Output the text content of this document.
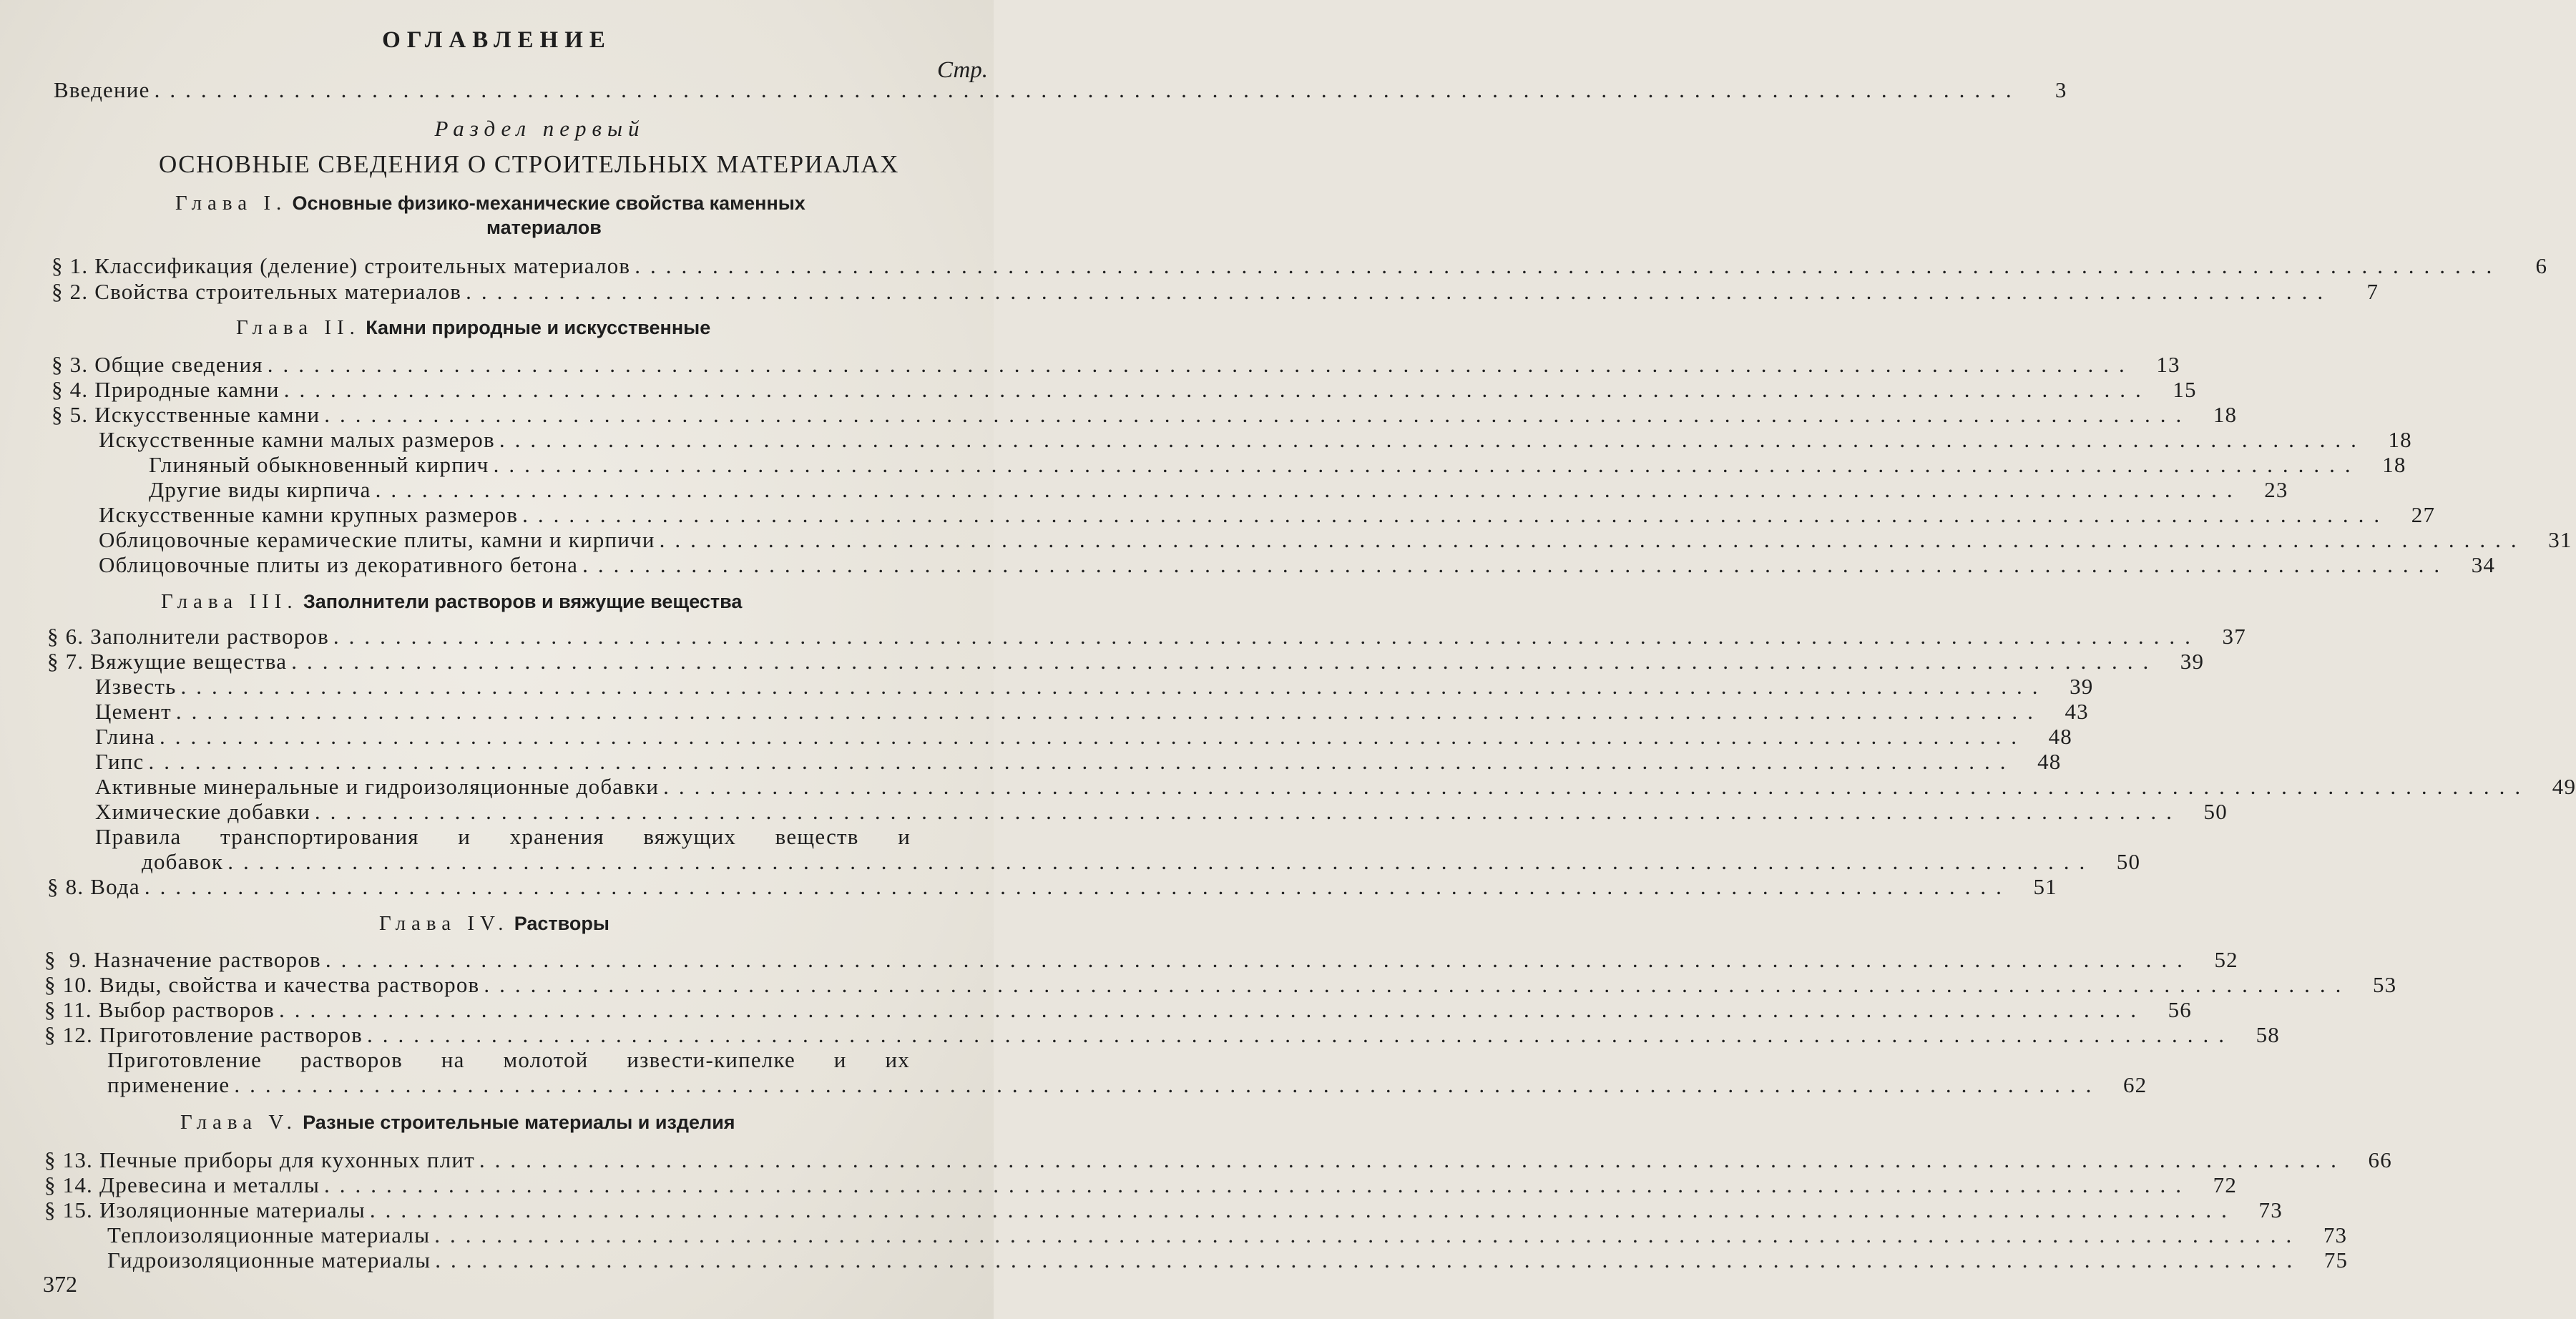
ОГЛАВЛЕНИЕ
Стр.
Введение ........................................................................................................................	3
Раздел первый
ОСНОВНЫЕ СВЕДЕНИЯ О СТРОИТЕЛЬНЫХ МАТЕРИАЛАХ
Глава I. Основные физико-механические свойства каменных
материалов
§ 1. Классификация (деление) строительных материалов ........................................................................................................................	6
§ 2. Свойства строительных материалов ........................................................................................................................	7
Глава II. Камни природные и искусственные
§ 3. Общие сведения ........................................................................................................................ 13
§ 4. Природные камни ........................................................................................................................ 15
§ 5. Искусственные камни ........................................................................................................................ 18
Искусственные камни малых размеров ........................................................................................................................ 18
Глиняный обыкновенный кирпич ........................................................................................................................ 18
Другие виды кирпича ........................................................................................................................ 23
Искусственные камни крупных размеров ........................................................................................................................ 27
Облицовочные керамические плиты, камни и кирпичи ........................................................................................................................ 31
Облицовочные плиты из декоративного бетона ........................................................................................................................ 34
Глава III. Заполнители растворов и вяжущие вещества
§ 6. Заполнители растворов ........................................................................................................................ 37
§ 7. Вяжущие вещества ........................................................................................................................ 39
Известь ........................................................................................................................ 39
Цемент ........................................................................................................................ 43
Глина ........................................................................................................................ 48
Гипс ........................................................................................................................ 48
Активные минеральные и гидроизоляционные добавки ........................................................................................................................ 49
Химические добавки ........................................................................................................................ 50
Правила транспортирования и хранения вяжущих веществ и
добавок ........................................................................................................................ 50
§ 8. Вода ........................................................................................................................ 51
Глава IV. Растворы
§  9. Назначение растворов ........................................................................................................................ 52
§ 10. Виды, свойства и качества растворов ........................................................................................................................ 53
§ 11. Выбор растворов ........................................................................................................................ 56
§ 12. Приготовление растворов ........................................................................................................................ 58
Приготовление растворов на молотой извести-кипелке и их
применение ........................................................................................................................ 62
Глава V. Разные строительные материалы и изделия
§ 13. Печные приборы для кухонных плит ........................................................................................................................ 66
§ 14. Древесина и металлы ........................................................................................................................ 72
§ 15. Изоляционные материалы ........................................................................................................................ 73
Теплоизоляционные материалы ........................................................................................................................ 73
Гидроизоляционные материалы ........................................................................................................................ 75
372
